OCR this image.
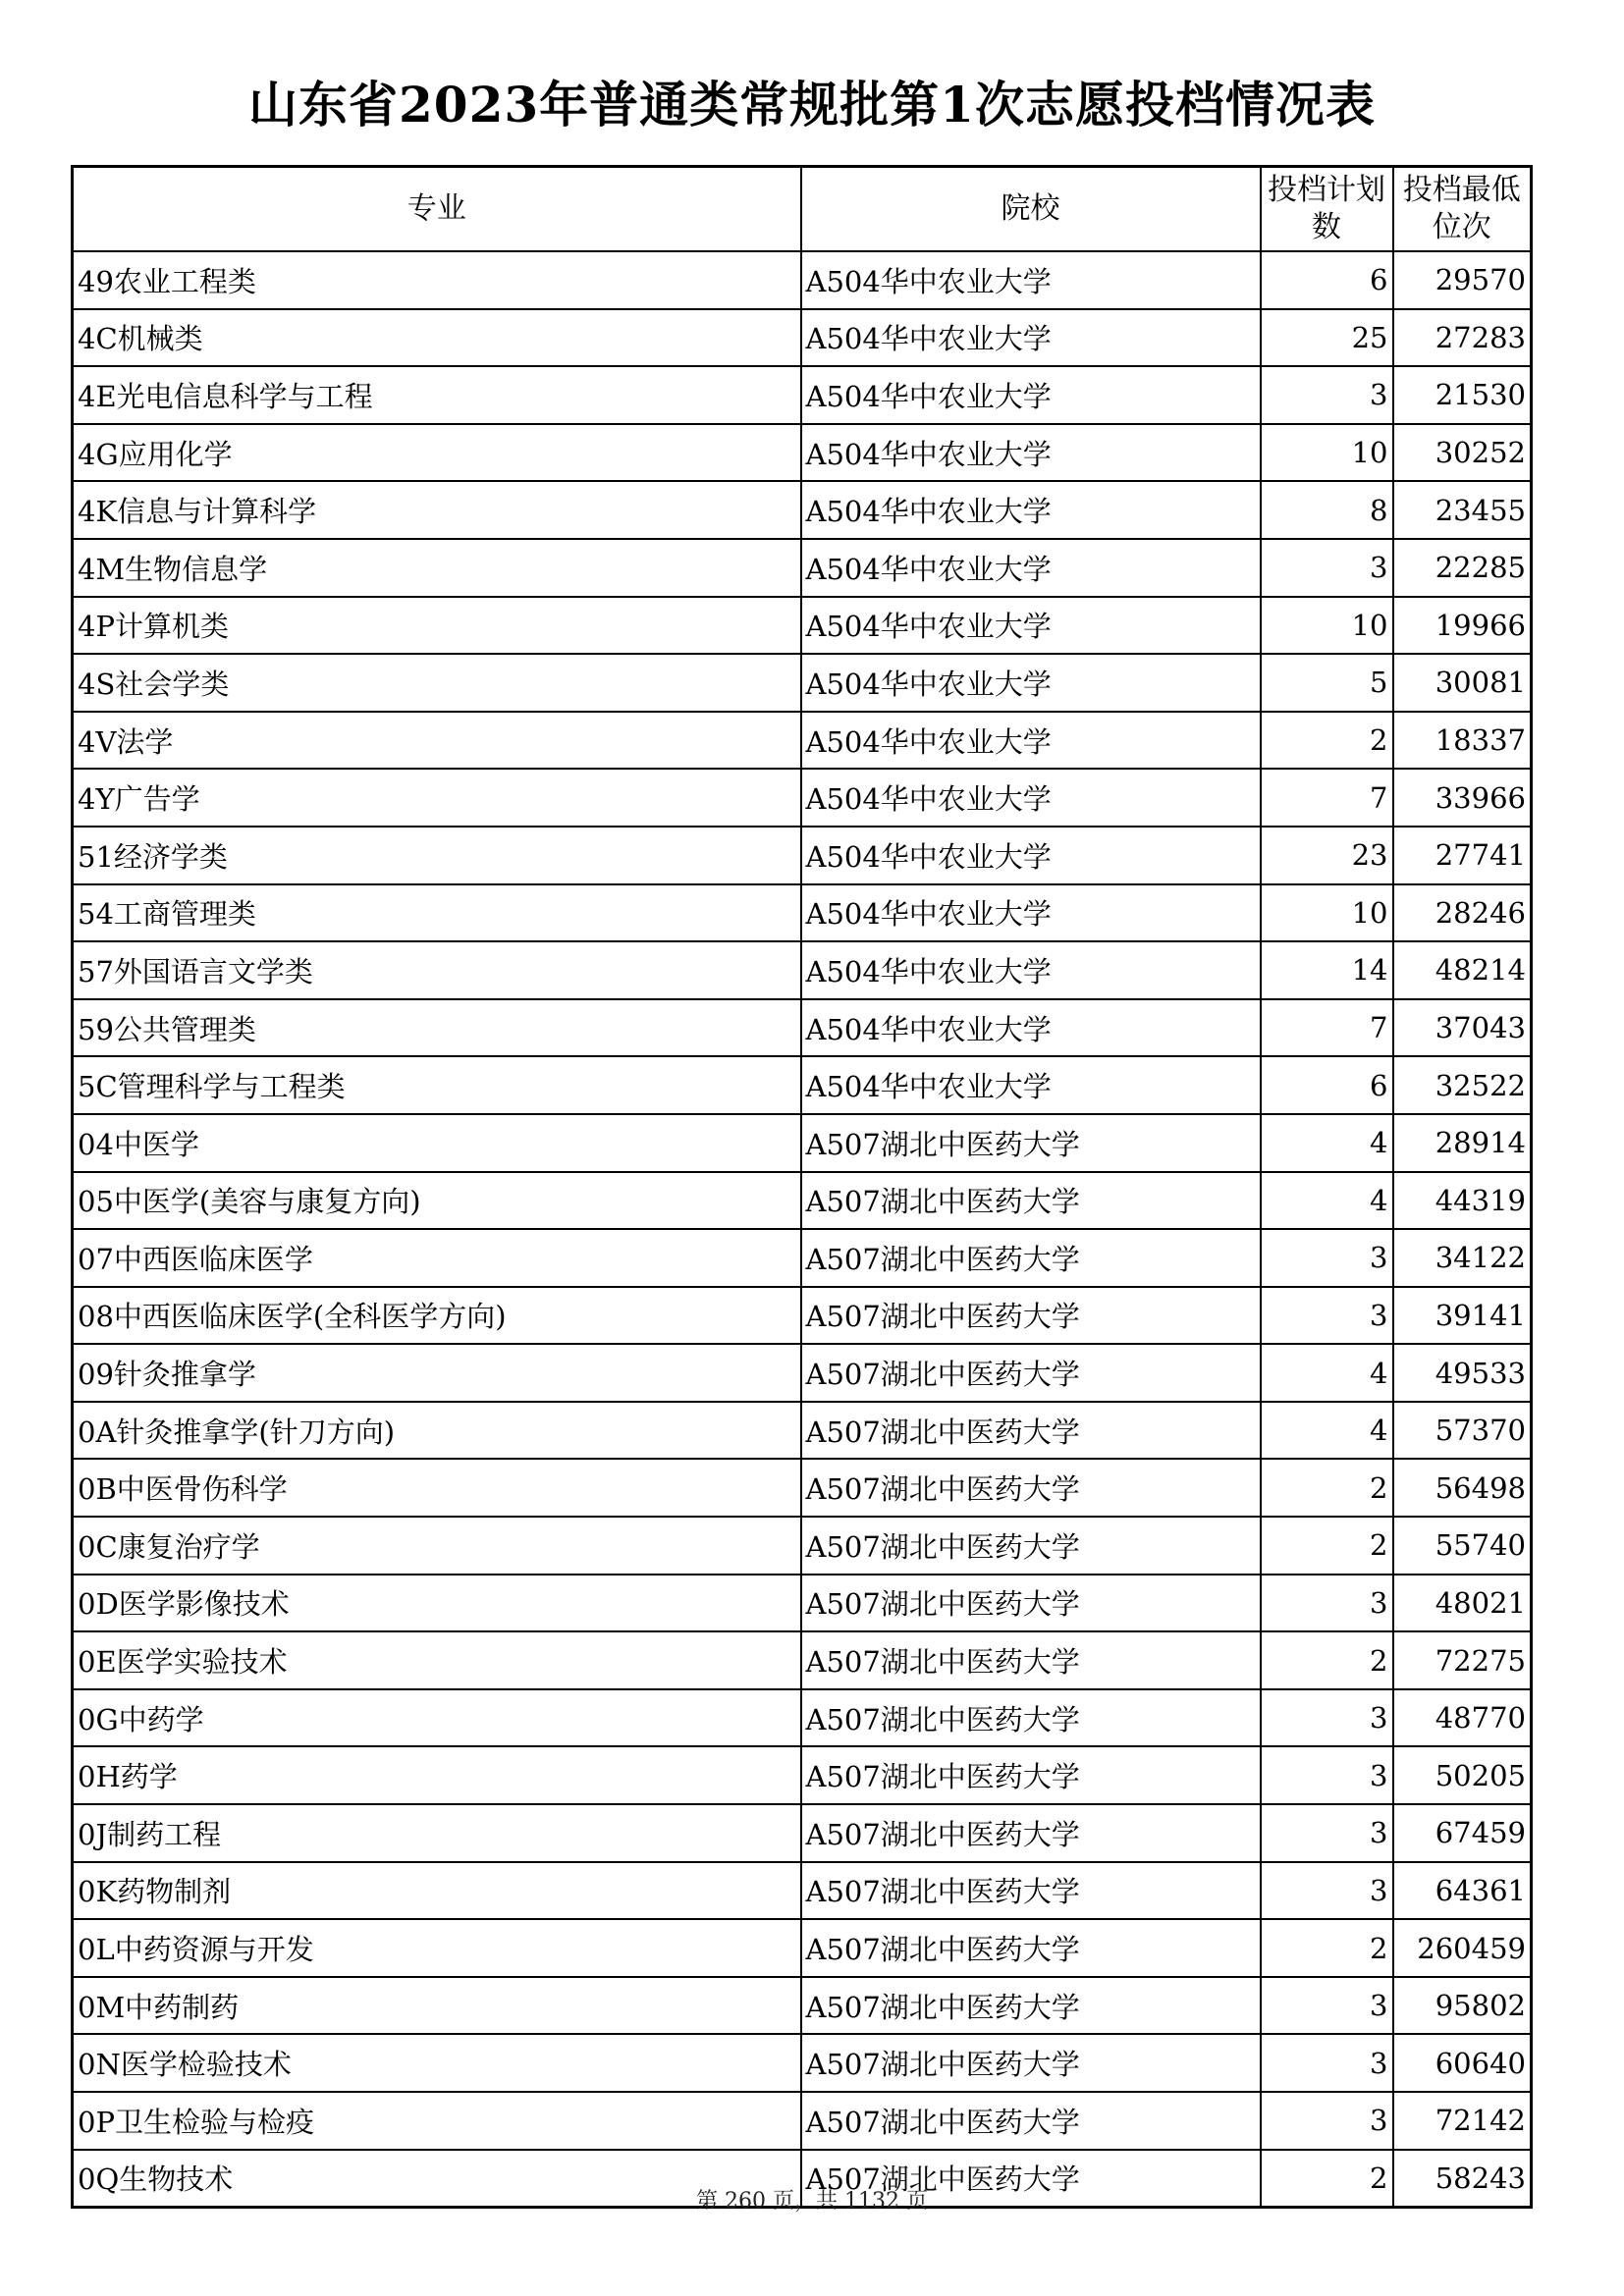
山东省2023年普通类常规批第1次志愿投档情况表
专业	院校	投档计划数	投档最低位次
49农业工程类	A504华中农业大学	6	29570
4C机械类	A504华中农业大学	25	27283
4E光电信息科学与工程	A504华中农业大学	3	21530
4G应用化学	A504华中农业大学	10	30252
4K信息与计算科学	A504华中农业大学	8	23455
4M生物信息学	A504华中农业大学	3	22285
4P计算机类	A504华中农业大学	10	19966
4S社会学类	A504华中农业大学	5	30081
4V法学	A504华中农业大学	2	18337
4Y广告学	A504华中农业大学	7	33966
51经济学类	A504华中农业大学	23	27741
54工商管理类	A504华中农业大学	10	28246
57外国语言文学类	A504华中农业大学	14	48214
59公共管理类	A504华中农业大学	7	37043
5C管理科学与工程类	A504华中农业大学	6	32522
04中医学	A507湖北中医药大学	4	28914
05中医学(美容与康复方向)	A507湖北中医药大学	4	44319
07中西医临床医学	A507湖北中医药大学	3	34122
08中西医临床医学(全科医学方向)	A507湖北中医药大学	3	39141
09针灸推拿学	A507湖北中医药大学	4	49533
0A针灸推拿学(针刀方向)	A507湖北中医药大学	4	57370
0B中医骨伤科学	A507湖北中医药大学	2	56498
0C康复治疗学	A507湖北中医药大学	2	55740
0D医学影像技术	A507湖北中医药大学	3	48021
0E医学实验技术	A507湖北中医药大学	2	72275
0G中药学	A507湖北中医药大学	3	48770
0H药学	A507湖北中医药大学	3	50205
0J制药工程	A507湖北中医药大学	3	67459
0K药物制剂	A507湖北中医药大学	3	64361
0L中药资源与开发	A507湖北中医药大学	2	260459
0M中药制药	A507湖北中医药大学	3	95802
0N医学检验技术	A507湖北中医药大学	3	60640
0P卫生检验与检疫	A507湖北中医药大学	3	72142
0Q生物技术	A507湖北中医药大学	2	58243
第 260 页，共 1132 页
